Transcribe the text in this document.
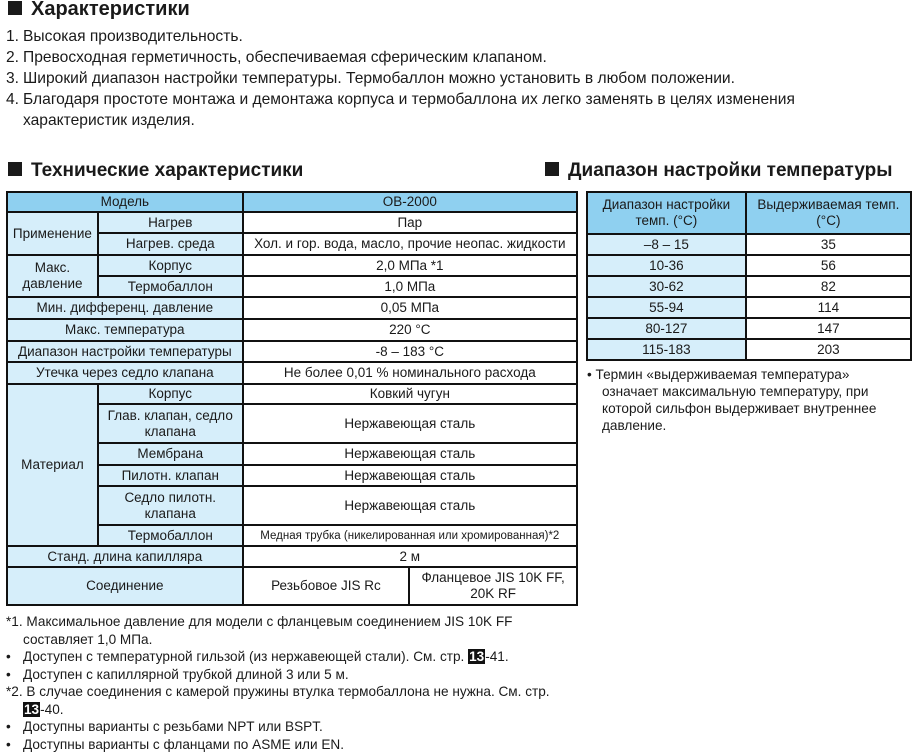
Характеристики
1. Высокая производительность.
2. Превосходная герметичность, обеспечиваемая сферическим клапаном.
3. Широкий диапазон настройки температуры. Термобаллон можно установить в любом положении.
4. Благодаря простоте монтажа и демонтажа корпуса и термобаллона их легко заменять в целях изменения
характеристик изделия.
Технические характеристики	Диапазон настройки температуры
Модель		OB-2000	
Применение	Нагрев	Пар	
	Нагрев. среда	Хол. и гор. вода, масло, прочие неопас. жидкости	
Макс.
давление	Корпус	2,0 МПа *1	
	Термобаллон	1,0 МПа	
Мин. дифференц. давление		0,05 МПа	
Макс. температура		220 °C	
Диапазон настройки температуры		-8 – 183 °C	
Утечка через седло клапана		Не более 0,01 % номинального расхода	
Материал	Корпус	Ковкий чугун	
	Глав. клапан, седло
клапана	Нержавеющая сталь	
	Мембрана	Нержавеющая сталь	
	Пилотн. клапан	Нержавеющая сталь	
	Седло пилотн.
клапана	Нержавеющая сталь	
	Термобаллон	Медная трубка (никелированная или хромированная)*2	
Станд. длина капилляра		2 м	
Соединение		Резьбовое JIS Rc	Фланцевое JIS 10K FF,
20K RF
Диапазон настройки
темп. (°C)	Выдерживаемая темп.
(°C)
–8 – 15	35
10-36	56
30-62	82
55-94	114
80-127	147
115-183	203
• Термин «выдерживаемая температура»
означает максимальную температуру, при
которой сильфон выдерживает внутреннее
давление.
*1. Максимальное давление для модели с фланцевым соединением JIS 10K FF
составляет 1,0 МПа.
• Доступен с температурной гильзой (из нержавеющей стали). См. стр. 13-41.
• Доступен с капиллярной трубкой длиной 3 или 5 м.
*2. В случае соединения с камерой пружины втулка термобаллона не нужна. См. стр.
13-40.
• Доступны варианты с резьбами NPT или BSPT.
• Доступны варианты с фланцами по ASME или EN.
